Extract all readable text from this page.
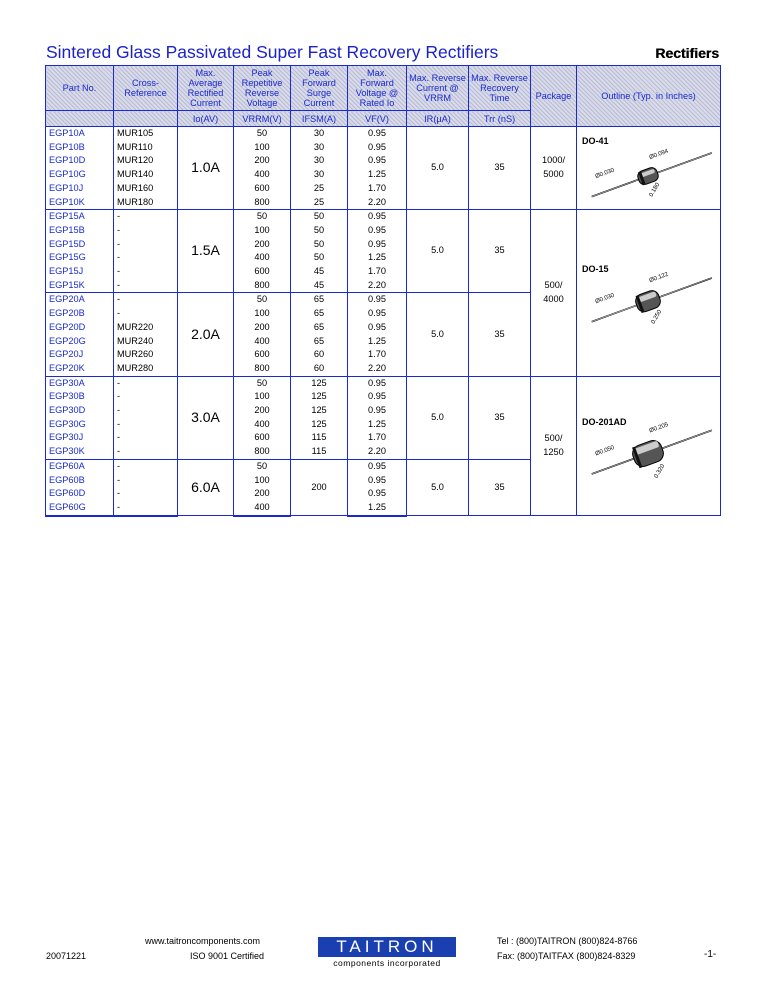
Sintered Glass Passivated Super Fast Recovery Rectifiers	Rectifiers
Part No.	Cross-Reference	Max. Average Rectified Current	Peak Repetitive Reverse Voltage	Peak Forward Surge Current	Max. Forward Voltage @ Rated Io	Max. Reverse Current @ VRRM	Max. Reverse Recovery Time	Package	Outline (Typ. in Inches)
		Io(AV)	VRRM(V)	IFSM(A)	VF(V)	IR(μA)	Trr (nS)		
EGP10A	MUR105	1.0A	50	30	0.95	5.0	35	1000/ 5000	DO-41
Ø0.094
Ø0.030
0.180

EGP10B	MUR110		100	30	0.95				
EGP10D	MUR120		200	30	0.95				
EGP10G	MUR140		400	30	1.25				
EGP10J	MUR160		600	25	1.70				
EGP10K	MUR180		800	25	2.20				
EGP15A	-	1.5A	50	50	0.95	5.0	35	500/ 4000	DO-15
Ø0.122
Ø0.030
0.250

EGP15B	-		100	50	0.95				
EGP15D	-		200	50	0.95				
EGP15G	-		400	50	1.25				
EGP15J	-		600	45	1.70				
EGP15K	-		800	45	2.20				
EGP20A	-	2.0A	50	65	0.95	5.0	35		
EGP20B	-		100	65	0.95				
EGP20D	MUR220		200	65	0.95				
EGP20G	MUR240		400	65	1.25				
EGP20J	MUR260		600	60	1.70				
EGP20K	MUR280		800	60	2.20				
EGP30A	-	3.0A	50	125	0.95	5.0	35	500/ 1250	DO-201AD
Ø0.205
Ø0.050
0.320

EGP30B	-		100	125	0.95				
EGP30D	-		200	125	0.95				
EGP30G	-		400	125	1.25				
EGP30J	-		600	115	1.70				
EGP30K	-		800	115	2.20				
EGP60A	-	6.0A	50	200	0.95	5.0	35		
EGP60B	-		100		0.95				
EGP60D	-		200		0.95				
EGP60G	-		400		1.25				
www.taitroncomponents.com
20071221	ISO 9001 Certified	TAITRON
components incorporated
Tel : (800)TAITRON (800)824-8766
Fax: (800)TAITFAX (800)824-8329	-1-
